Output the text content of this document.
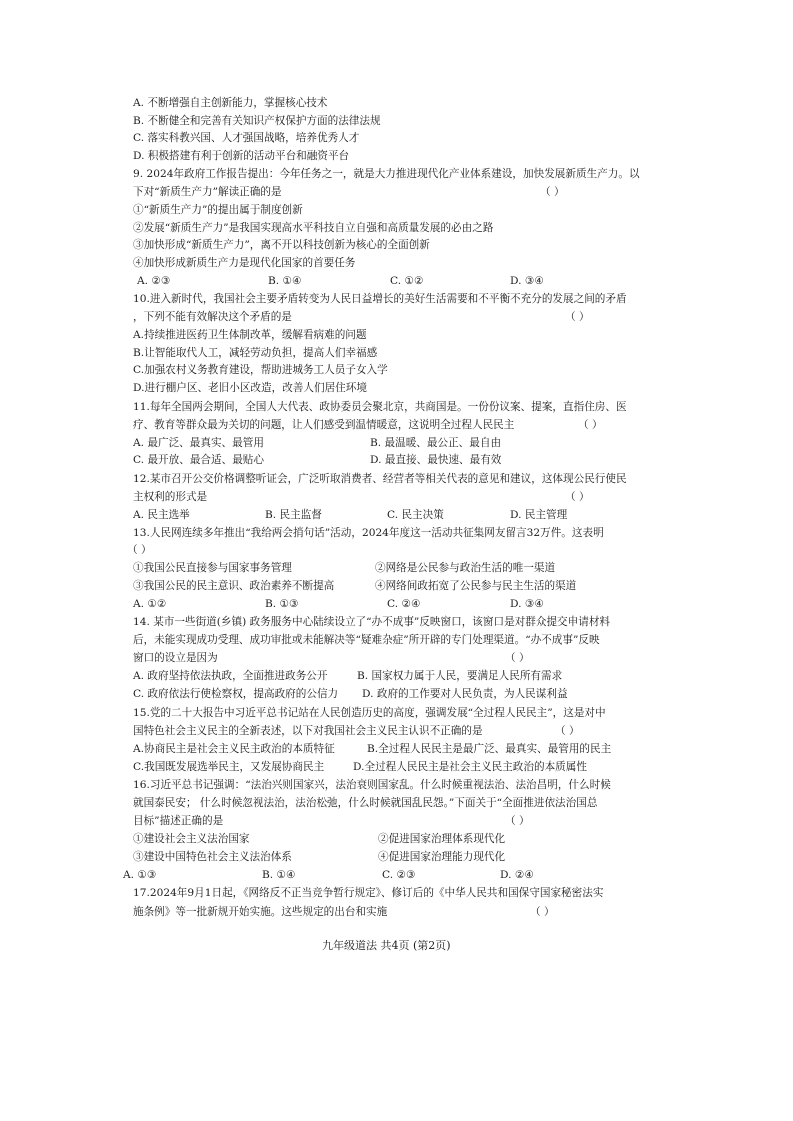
A. 不断增强自主创新能力，掌握核心技术
B. 不断健全和完善有关知识产权保护方面的法律法规
C. 落实科教兴国、人才强国战略，培养优秀人才
D. 积极搭建有利于创新的活动平台和融资平台
9. 2024年政府工作报告提出：今年任务之一，就是大力推进现代化产业体系建设，加快发展新质生产力。以
下对“新质生产力”解读正确的是	（ ）
①“新质生产力”的提出属于制度创新
②发展“新质生产力”是我国实现高水平科技自立自强和高质量发展的必由之路
③加快形成“新质生产力”，离不开以科技创新为核心的全面创新
④加快形成新质生产力是现代化国家的首要任务
A. ②③	B. ①④	C. ①②	D. ③④
10.进入新时代，我国社会主要矛盾转变为人民日益增长的美好生活需要和不平衡不充分的发展之间的矛盾
，下列不能有效解决这个矛盾的是	（ ）
A.持续推进医药卫生体制改革，缓解看病难的问题
B.让智能取代人工，减轻劳动负担，提高人们幸福感
C.加强农村义务教育建设，帮助进城务工人员子女入学
D.进行棚户区、老旧小区改造，改善人们居住环境
11.每年全国两会期间，全国人大代表、政协委员会聚北京，共商国是。一份份议案、提案，直指住房、医
疗、教育等群众最为关切的问题，让人们感受到温情暖意，这说明全过程人民民主	（ ）
A. 最广泛、最真实、最管用	B. 最温暖、最公正、最自由
C. 最开放、最合适、最贴心	D. 最直接、最快速、最有效
12.某市召开公交价格调整听证会，广泛听取消费者、经营者等相关代表的意见和建议，这体现公民行使民
主权利的形式是	（ ）
A. 民主选举	B. 民主监督	C. 民主决策	D. 民主管理
13.人民网连续多年推出“我给两会捎句话”活动，2024年度这一活动共征集网友留言32万件。这表明
（ ）
①我国公民直接参与国家事务管理	②网络是公民参与政治生活的唯一渠道
③我国公民的民主意识、政治素养不断提高	④网络间政拓宽了公民参与民主生活的渠道
A. ①②	B. ①③	C. ②④	D. ③④
14. 某市一些街道(乡镇) 政务服务中心陆续设立了“办不成事”反映窗口，该窗口是对群众提交申请材料
后，未能实现成功受理、成功审批或未能解决等“疑难杂症”所开辟的专门处理渠道。“办不成事”反映
窗口的设立是因为	（ ）
A. 政府坚持依法执政，全面推进政务公开	B. 国家权力属于人民，要满足人民所有需求
C. 政府依法行使检察权，提高政府的公信力 D. 政府的工作要对人民负责，为人民谋利益
15.党的二十大报告中习近平总书记站在人民创造历史的高度，强调发展“全过程人民民主”，这是对中
国特色社会主义民主的全新表述，以下对我国社会主义民主认识不正确的是	（ ）
A.协商民主是社会主义民主政治的本质特征	B.全过程人民民主是最广泛、最真实、最管用的民主
C.我国既发展选举民主，又发展协商民主	D.全过程人民民主是社会主义民主政治的本质属性
16.习近平总书记强调：“法治兴则国家兴，法治衰则国家乱。什么时候重视法治、法治昌明，什么时候
就国泰民安； 什么时候忽视法治，法治松弛，什么时候就国乱民怨。”下面关于“全面推进依法治国总
目标”描述正确的是	（ ）
①建设社会主义法治国家	②促进国家治理体系现代化
③建设中国特色社会主义法治体系	④促进国家治理能力现代化
A. ①③	B. ①④	C. ②③	D. ②④
17.2024年9月1日起，《网络反不正当竞争暂行规定》、修订后的《中华人民共和国保守国家秘密法实
施条例》等一批新规开始实施。这些规定的出台和实施	（ ）
九年级道法 共4页 (第2页)
